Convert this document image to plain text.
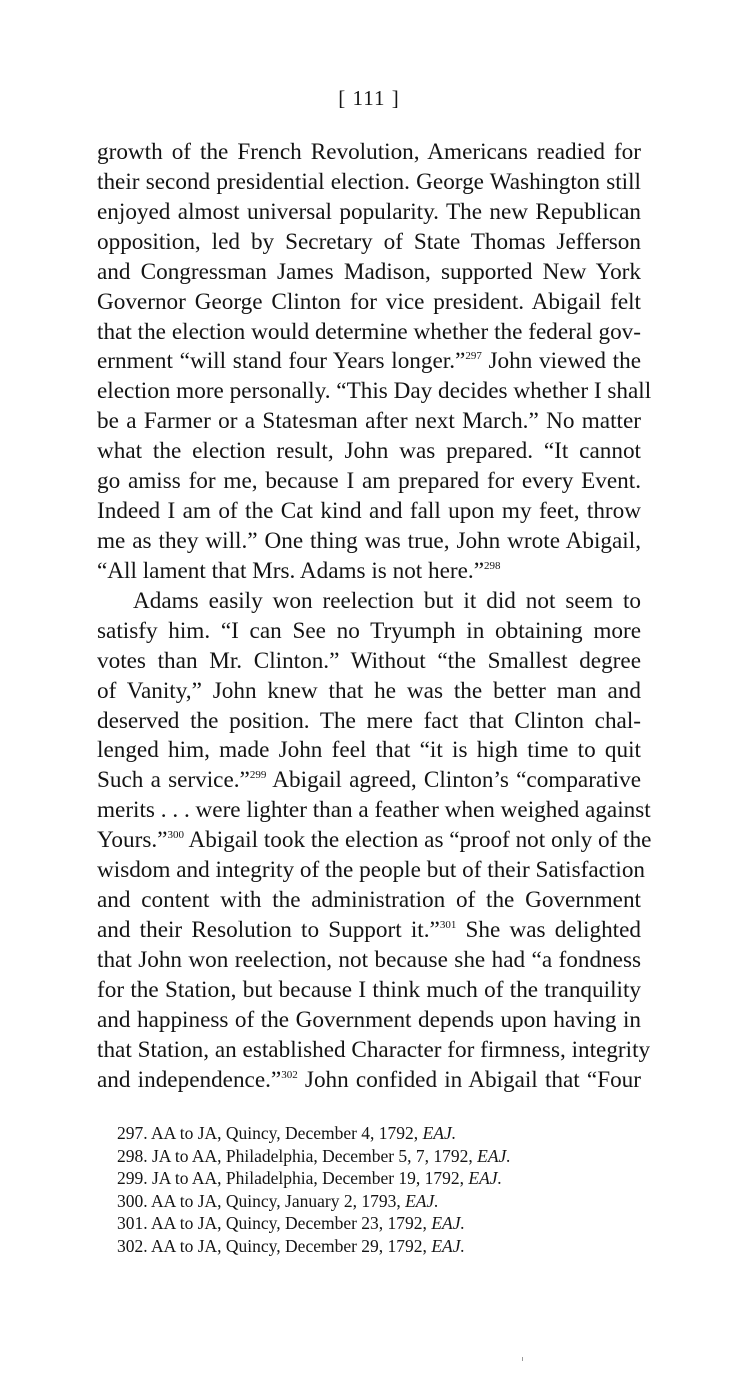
[ 111 ]
growth of the French Revolution, Americans readied for
their second presidential election. George Washington still
enjoyed almost universal popularity. The new Republican
opposition, led by Secretary of State Thomas Jefferson
and Congressman James Madison, supported New York
Governor George Clinton for vice president. Abigail felt
that the election would determine whether the federal gov-
ernment “will stand four Years longer.”$^{297}$ John viewed the
election more personally. “This Day decides whether I shall
be a Farmer or a Statesman after next March.” No matter
what the election result, John was prepared. “It cannot
go amiss for me, because I am prepared for every Event.
Indeed I am of the Cat kind and fall upon my feet, throw
me as they will.” One thing was true, John wrote Abigail,
“All lament that Mrs. Adams is not here.”$^{298}$
Adams easily won reelection but it did not seem to
satisfy him. “I can See no Tryumph in obtaining more
votes than Mr. Clinton.” Without “the Smallest degree
of Vanity,” John knew that he was the better man and
deserved the position. The mere fact that Clinton chal-
lenged him, made John feel that “it is high time to quit
Such a service.”$^{299}$ Abigail agreed, Clinton’s “comparative
merits . . . were lighter than a feather when weighed against
Yours.”$^{300}$ Abigail took the election as “proof not only of the
wisdom and integrity of the people but of their Satisfaction
and content with the administration of the Government
and their Resolution to Support it.”$^{301}$ She was delighted
that John won reelection, not because she had “a fondness
for the Station, but because I think much of the tranquility
and happiness of the Government depends upon having in
that Station, an established Character for firmness, integrity
and independence.”$^{302}$ John confided in Abigail that “Four
297. AA to JA, Quincy, December 4, 1792, EAJ.
298. JA to AA, Philadelphia, December 5, 7, 1792, EAJ.
299. JA to AA, Philadelphia, December 19, 1792, EAJ.
300. AA to JA, Quincy, January 2, 1793, EAJ.
301. AA to JA, Quincy, December 23, 1792, EAJ.
302. AA to JA, Quincy, December 29, 1792, EAJ.
